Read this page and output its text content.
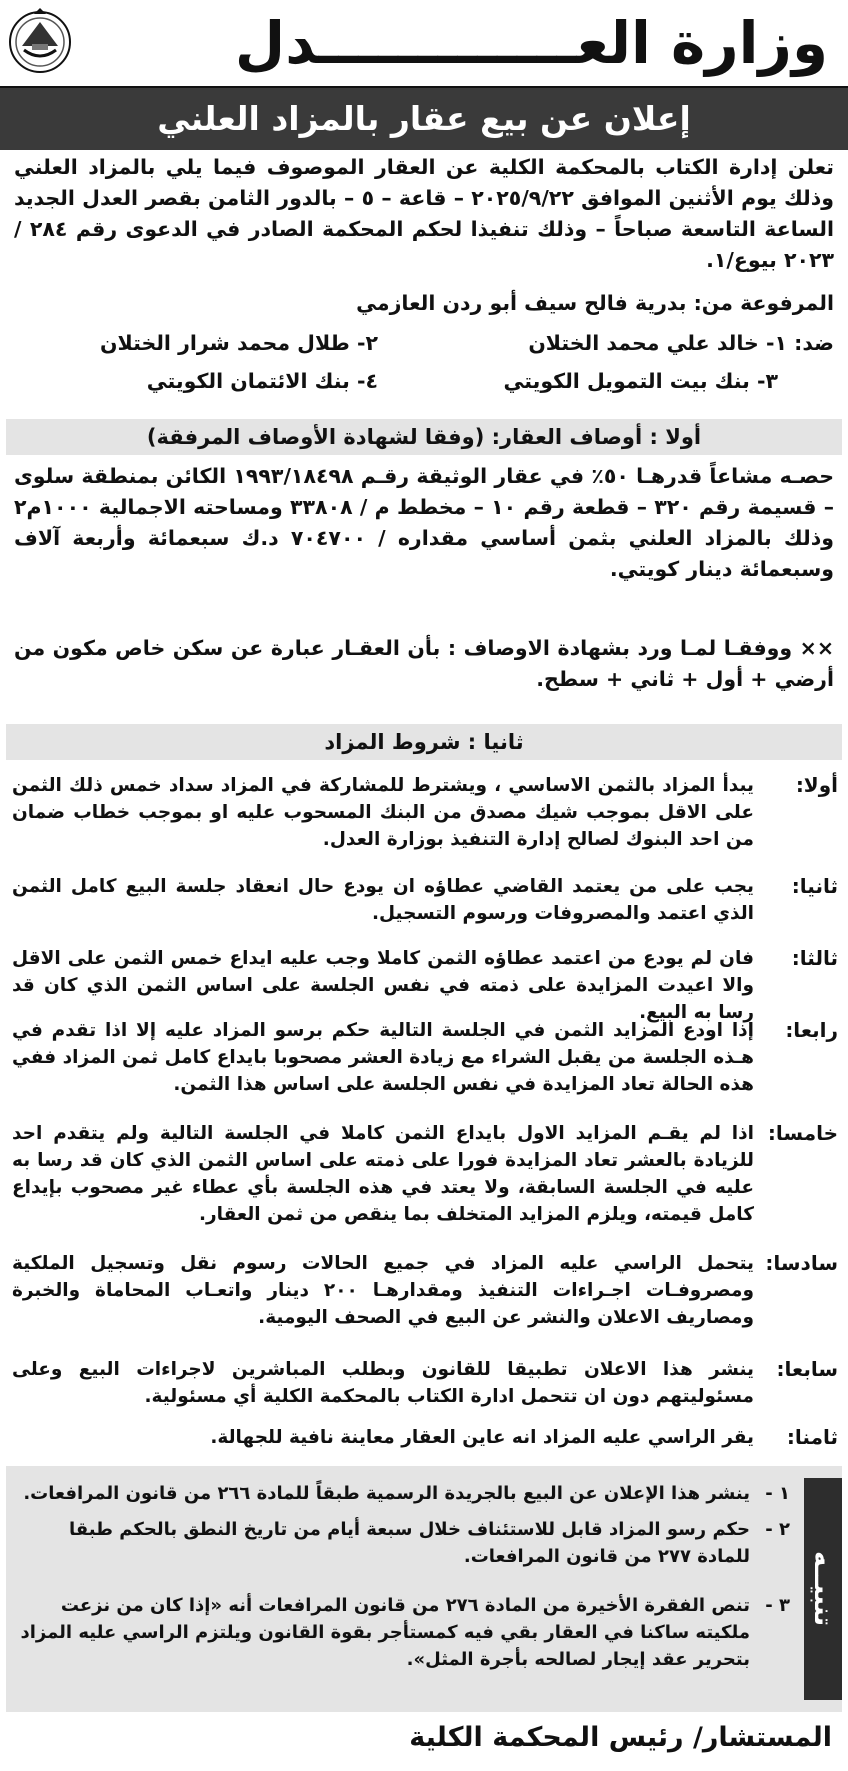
وزارة العـــــــــــــدل
إعلان عن بيع عقار بالمزاد العلني
تعلن إدارة الكتاب بالمحكمة الكلية عن العقار الموصوف فيما يلي بالمزاد العلني وذلك يوم الأثنين الموافق ٢٠٢٥/٩/٢٢ – قاعة – ٥ – بالدور الثامن بقصر العدل الجديد الساعة التاسعة صباحاً – وذلك تنفيذا لحكم المحكمة الصادر في الدعوى رقم ٢٨٤ / ٢٠٢٣ بيوع/١.
المرفوعة من: بدرية فالح سيف أبو ردن العازمي
ضد: ١- خالد علي محمد الختلان
٢- طلال محمد شرار الختلان
٣- بنك بيت التمويل الكويتي
٤- بنك الائتمان الكويتي
أولا : أوصاف العقار: (وفقا لشهادة الأوصاف المرفقة)
حصـه مشاعاً قدرهـا ٥٠٪ في عقار الوثيقة رقـم ١٩٩٣/١٨٤٩٨ الكائن بمنطقة سلوى – قسيمة رقم ٣٢٠ – قطعة رقم ١٠ – مخطط م / ٣٣٨٠٨ ومساحته الاجمالية ١٠٠٠م٢ وذلك بالمزاد العلني بثمن أساسي مقداره / ٧٠٤٧٠٠ د.ك سبعمائة وأربعة آلاف وسبعمائة دينار كويتي.
×× ووفقـا لمـا ورد بشهادة الاوصاف : بأن العقـار عبارة عن سكن خاص مكون من أرضي + أول + ثاني + سطح.
ثانيا : شروط المزاد
أولا:
يبدأ المزاد بالثمن الاساسي ، ويشترط للمشاركة في المزاد سداد خمس ذلك الثمن على الاقل بموجب شيك مصدق من البنك المسحوب عليه او بموجب خطاب ضمان من احد البنوك لصالح إدارة التنفيذ بوزارة العدل.
ثانيا:
يجب على من يعتمد القاضي عطاؤه ان يودع حال انعقاد جلسة البيع كامل الثمن الذي اعتمد والمصروفات ورسوم التسجيل.
ثالثا:
فان لم يودع من اعتمد عطاؤه الثمن كاملا وجب عليه ايداع خمس الثمن على الاقل والا اعيدت المزايدة على ذمته في نفس الجلسة على اساس الثمن الذي كان قد رسا به البيع.
رابعا:
إذا اودع المزايد الثمن في الجلسة التالية حكم برسو المزاد عليه إلا اذا تقدم في هـذه الجلسة من يقبل الشراء مع زيادة العشر مصحوبا بايداع كامل ثمن المزاد ففي هذه الحالة تعاد المزايدة في نفس الجلسة على اساس هذا الثمن.
خامسا:
اذا لم يقـم المزايد الاول بايداع الثمن كاملا في الجلسة التالية ولم يتقدم احد للزيادة بالعشر تعاد المزايدة فورا على ذمته على اساس الثمن الذي كان قد رسا به عليه في الجلسة السابقة، ولا يعتد في هذه الجلسة بأي عطاء غير مصحوب بإيداع كامل قيمته، ويلزم المزايد المتخلف بما ينقص من ثمن العقار.
سادسا:
يتحمل الراسي عليه المزاد في جميع الحالات رسوم نقل وتسجيل الملكية ومصروفـات اجـراءات التنفيذ ومقدارهـا ٢٠٠ دينار واتعـاب المحاماة والخبرة ومصاريف الاعلان والنشر عن البيع في الصحف اليومية.
سابعا:
ينشر هذا الاعلان تطبيقا للقانون وبطلب المباشرين لاجراءات البيع وعلى مسئوليتهم دون ان تتحمل ادارة الكتاب بالمحكمة الكلية أي مسئولية.
ثامنا:
يقر الراسي عليه المزاد انه عاين العقار معاينة نافية للجهالة.
تنبيــه
١ -
ينشر هذا الإعلان عن البيع بالجريدة الرسمية طبقاً للمادة ٢٦٦ من قانون المرافعات.
٢ -
حكم رسو المزاد قابل للاستئناف خلال سبعة أيام من تاريخ النطق بالحكم طبقا للمادة ٢٧٧ من قانون المرافعات.
٣ -
تنص الفقرة الأخيرة من المادة ٢٧٦ من قانون المرافعات أنه «إذا كان من نزعت ملكيته ساكنا في العقار بقي فيه كمستأجر بقوة القانون ويلتزم الراسي عليه المزاد بتحرير عقد إيجار لصالحه بأجرة المثل».
المستشار/ رئيس المحكمة الكلية
